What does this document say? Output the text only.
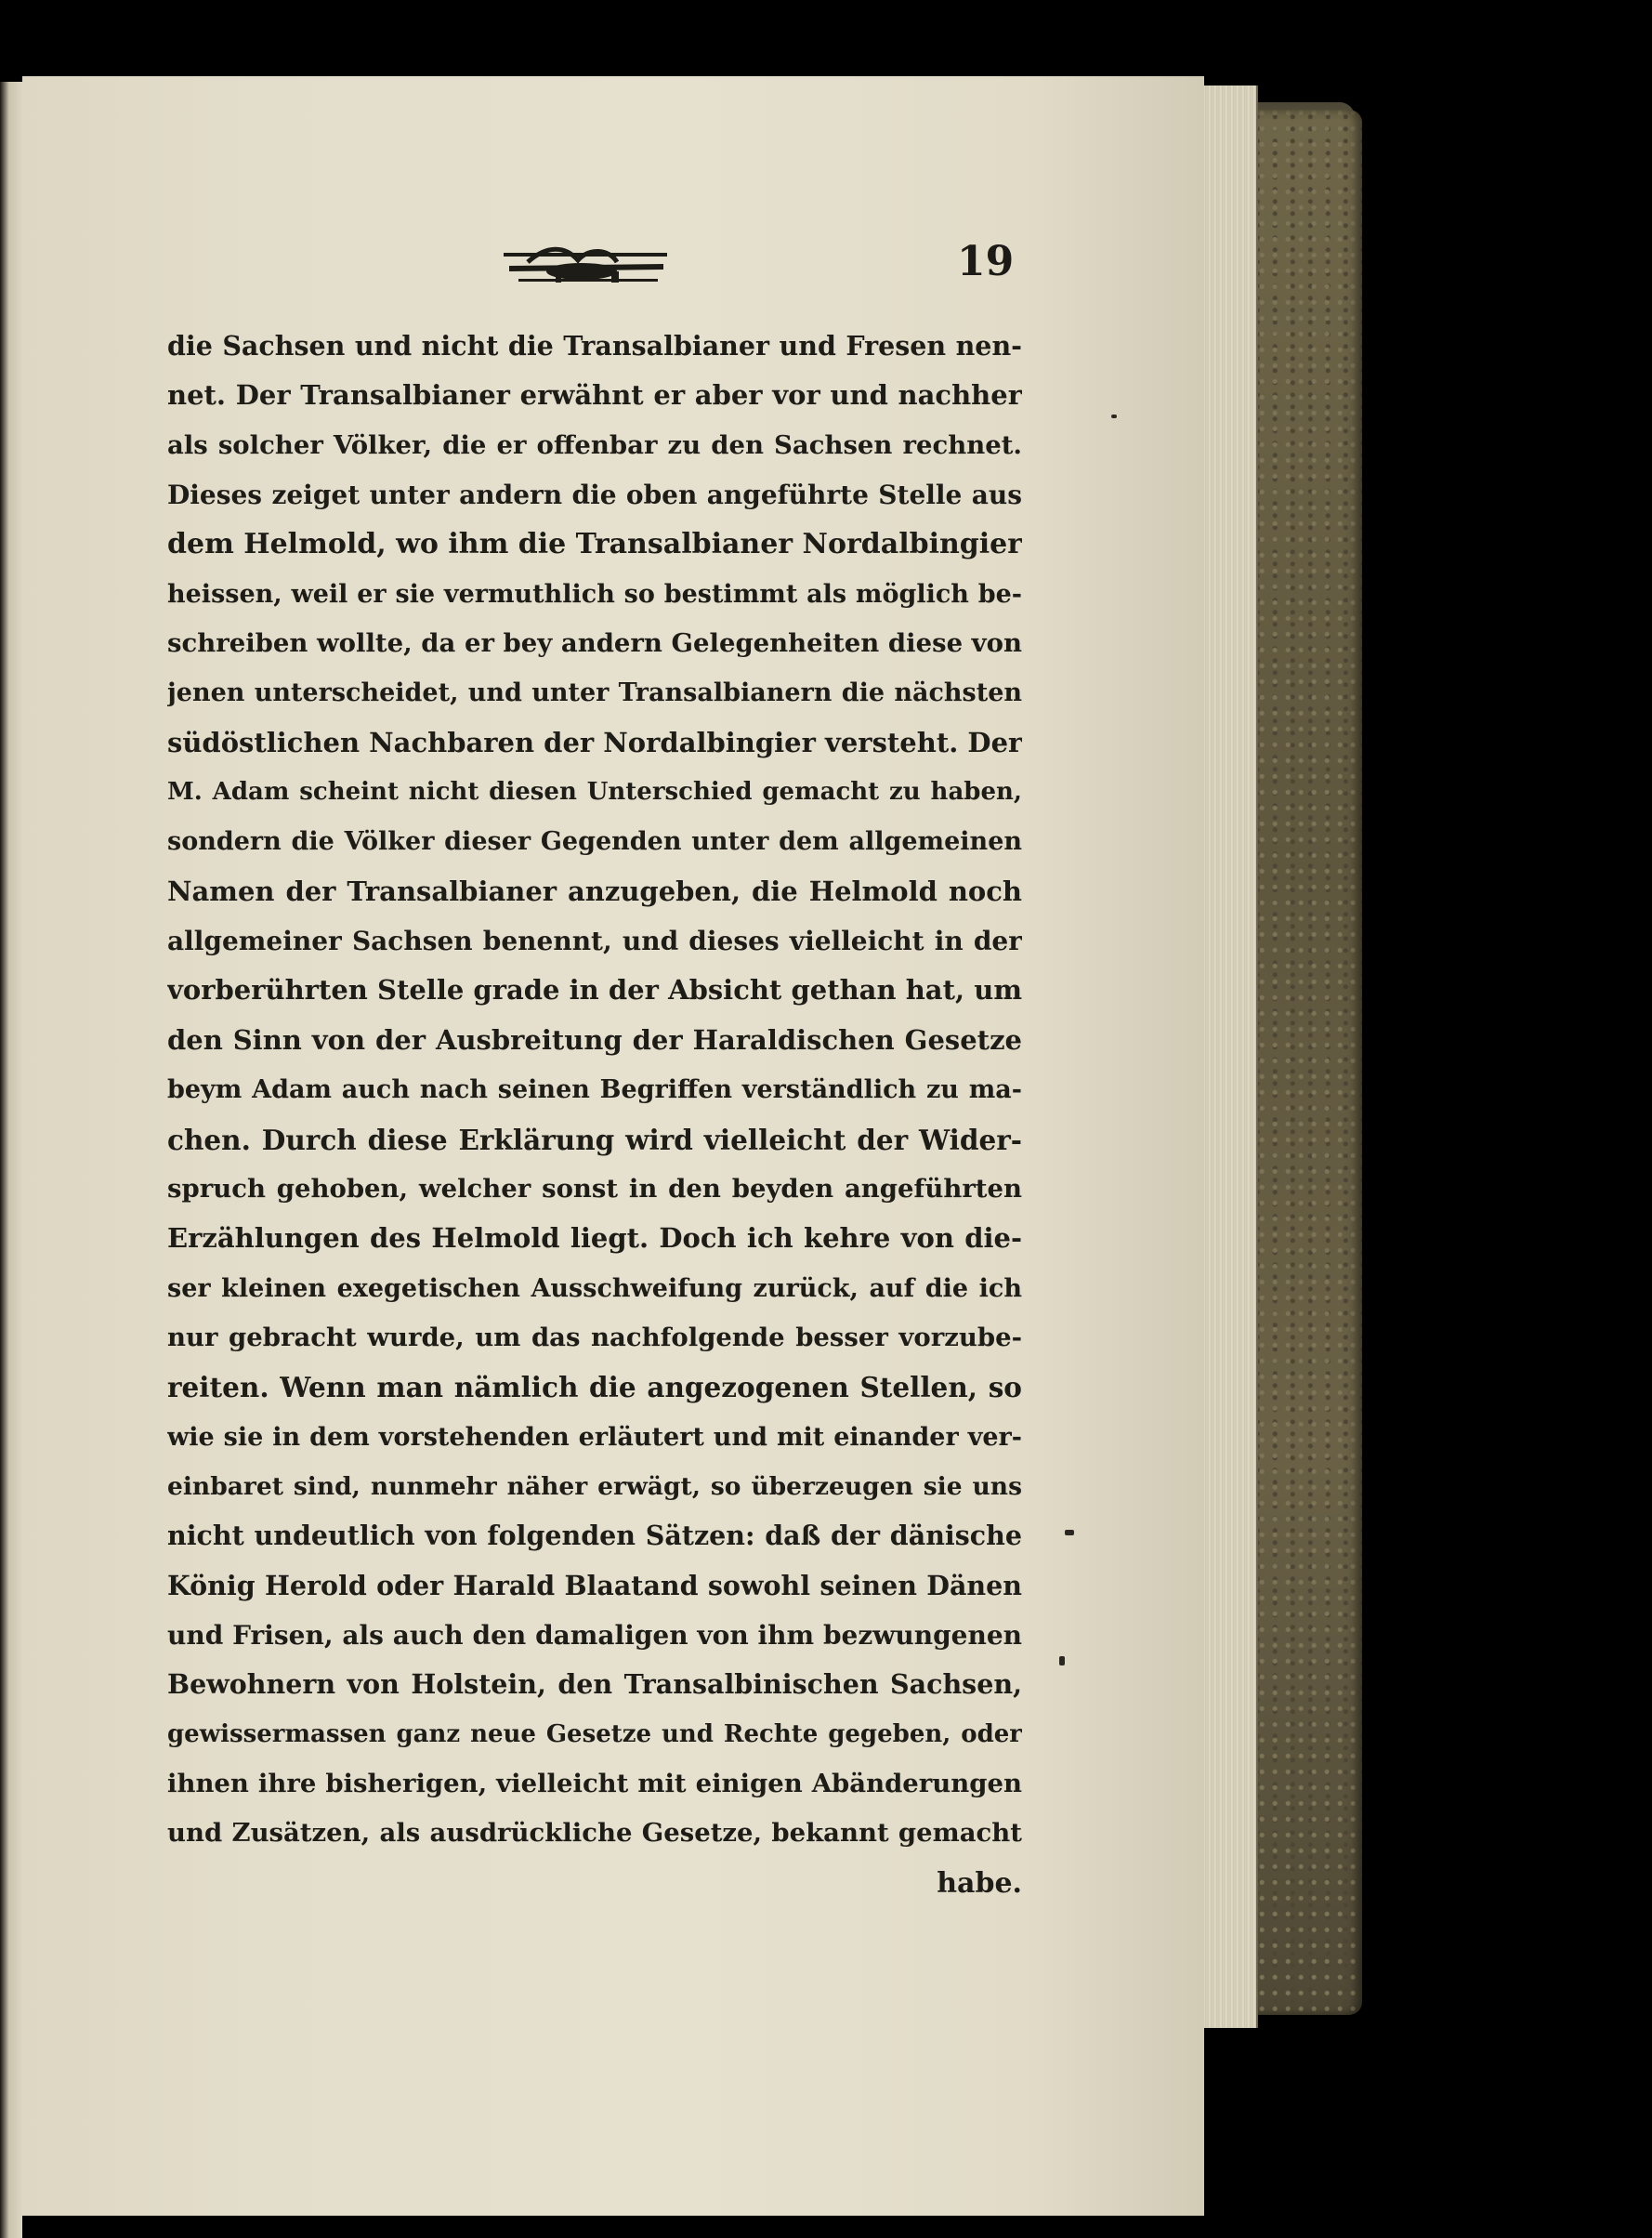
19
die Sachsen und nicht die Transalbianer und Fresen nen-
net. Der Transalbianer erwähnt er aber vor und nachher
als solcher Völker, die er offenbar zu den Sachsen rechnet.
Dieses zeiget unter andern die oben angeführte Stelle aus
dem Helmold, wo ihm die Transalbianer Nordalbingier
heissen, weil er sie vermuthlich so bestimmt als möglich be-
schreiben wollte, da er bey andern Gelegenheiten diese von
jenen unterscheidet, und unter Transalbianern die nächsten
südöstlichen Nachbaren der Nordalbingier versteht. Der
M. Adam scheint nicht diesen Unterschied gemacht zu haben,
sondern die Völker dieser Gegenden unter dem allgemeinen
Namen der Transalbianer anzugeben, die Helmold noch
allgemeiner Sachsen benennt, und dieses vielleicht in der
vorberührten Stelle grade in der Absicht gethan hat, um
den Sinn von der Ausbreitung der Haraldischen Gesetze
beym Adam auch nach seinen Begriffen verständlich zu ma-
chen. Durch diese Erklärung wird vielleicht der Wider-
spruch gehoben, welcher sonst in den beyden angeführten
Erzählungen des Helmold liegt. Doch ich kehre von die-
ser kleinen exegetischen Ausschweifung zurück, auf die ich
nur gebracht wurde, um das nachfolgende besser vorzube-
reiten. Wenn man nämlich die angezogenen Stellen, so
wie sie in dem vorstehenden erläutert und mit einander ver-
einbaret sind, nunmehr näher erwägt, so überzeugen sie uns
nicht undeutlich von folgenden Sätzen: daß der dänische
König Herold oder Harald Blaatand sowohl seinen Dänen
und Frisen, als auch den damaligen von ihm bezwungenen
Bewohnern von Holstein, den Transalbinischen Sachsen,
gewissermassen ganz neue Gesetze und Rechte gegeben, oder
ihnen ihre bisherigen, vielleicht mit einigen Abänderungen
und Zusätzen, als ausdrückliche Gesetze, bekannt gemacht
habe.
